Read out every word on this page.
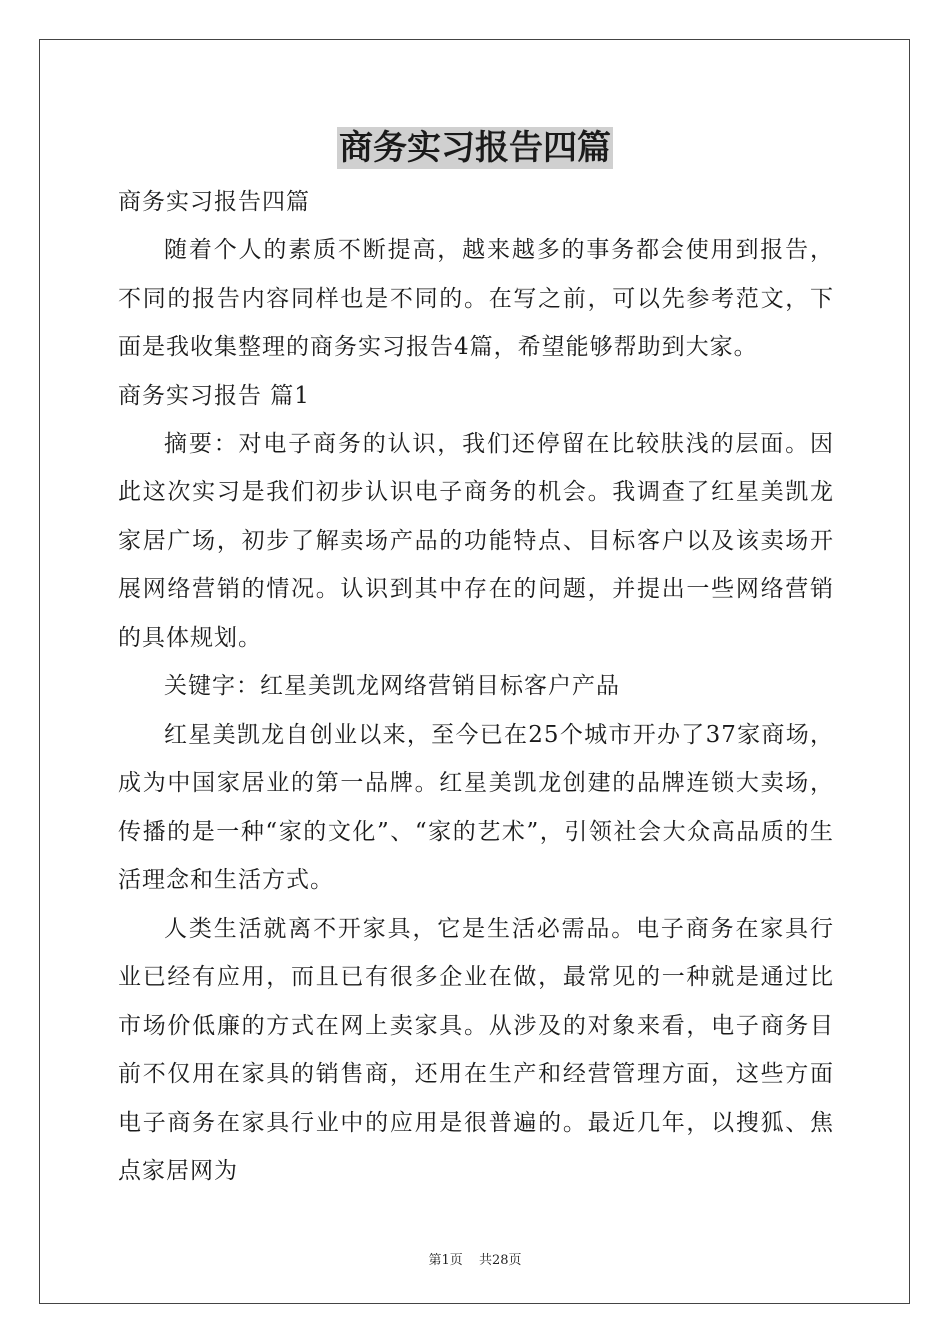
商务实习报告四篇

商务实习报告四篇

随着个人的素质不断提高，越来越多的事务都会使用到报告，不同的报告内容同样也是不同的。在写之前，可以先参考范文，下面是我收集整理的商务实习报告4篇，希望能够帮助到大家。

商务实习报告 篇1

摘要：对电子商务的认识，我们还停留在比较肤浅的层面。因此这次实习是我们初步认识电子商务的机会。我调查了红星美凯龙家居广场，初步了解卖场产品的功能特点、目标客户以及该卖场开展网络营销的情况。认识到其中存在的问题，并提出一些网络营销的具体规划。

关键字：红星美凯龙网络营销目标客户产品

红星美凯龙自创业以来，至今已在25个城市开办了37家商场，成为中国家居业的第一品牌。红星美凯龙创建的品牌连锁大卖场，传播的是一种“家的文化”、“家的艺术”，引领社会大众高品质的生活理念和生活方式。

人类生活就离不开家具，它是生活必需品。电子商务在家具行业已经有应用，而且已有很多企业在做，最常见的一种就是通过比市场价低廉的方式在网上卖家具。从涉及的对象来看，电子商务目前不仅用在家具的销售商，还用在生产和经营管理方面，这些方面电子商务在家具行业中的应用是很普遍的。最近几年，以搜狐、焦点家居网为

第1页 共28页
